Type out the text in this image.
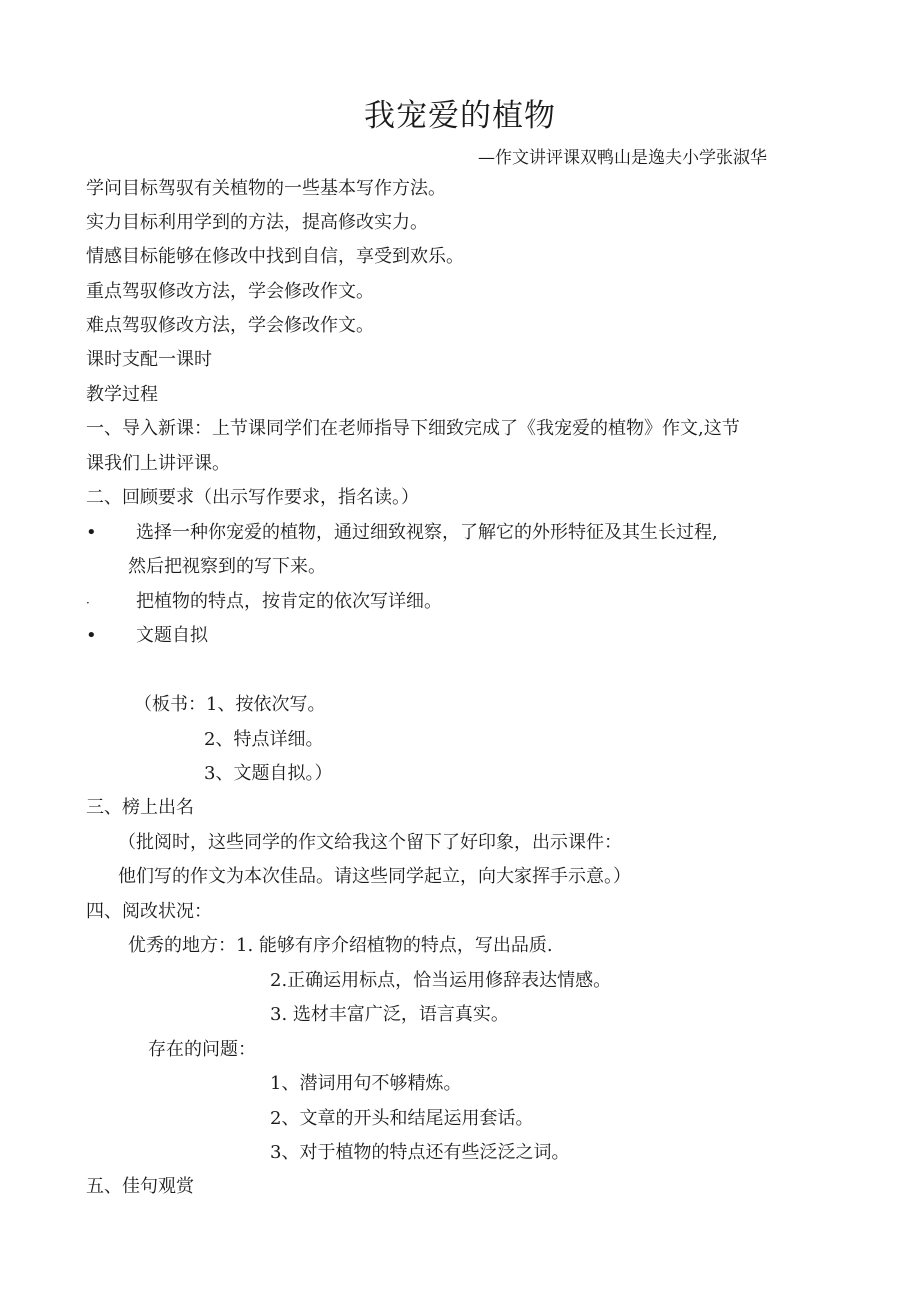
我宠爱的植物
—作文讲评课双鸭山是逸夫小学张淑华
学问目标驾驭有关植物的一些基本写作方法。
实力目标利用学到的方法，提高修改实力。
情感目标能够在修改中找到自信，享受到欢乐。
重点驾驭修改方法，学会修改作文。
难点驾驭修改方法，学会修改作文。
课时支配一课时
教学过程
一、导入新课：上节课同学们在老师指导下细致完成了《我宠爱的植物》作文,这节
课我们上讲评课。
二、回顾要求（出示写作要求，指名读。）
• 选择一种你宠爱的植物，通过细致视察，了解它的外形特征及其生长过程,
然后把视察到的写下来。
·	把植物的特点，按肯定的依次写详细。
• 文题自拟
（板书：1、按依次写。
2、特点详细。
3、文题自拟。）
三、榜上出名
（批阅时，这些同学的作文给我这个留下了好印象，出示课件：
他们写的作文为本次佳品。请这些同学起立，向大家挥手示意。）
四、阅改状况：
优秀的地方：1. 能够有序介绍植物的特点，写出品质.
2.正确运用标点，恰当运用修辞表达情感。
3. 选材丰富广泛，语言真实。
存在的问题：
1、潜词用句不够精炼。
2、文章的开头和结尾运用套话。
3、对于植物的特点还有些泛泛之词。
五、佳句观赏
